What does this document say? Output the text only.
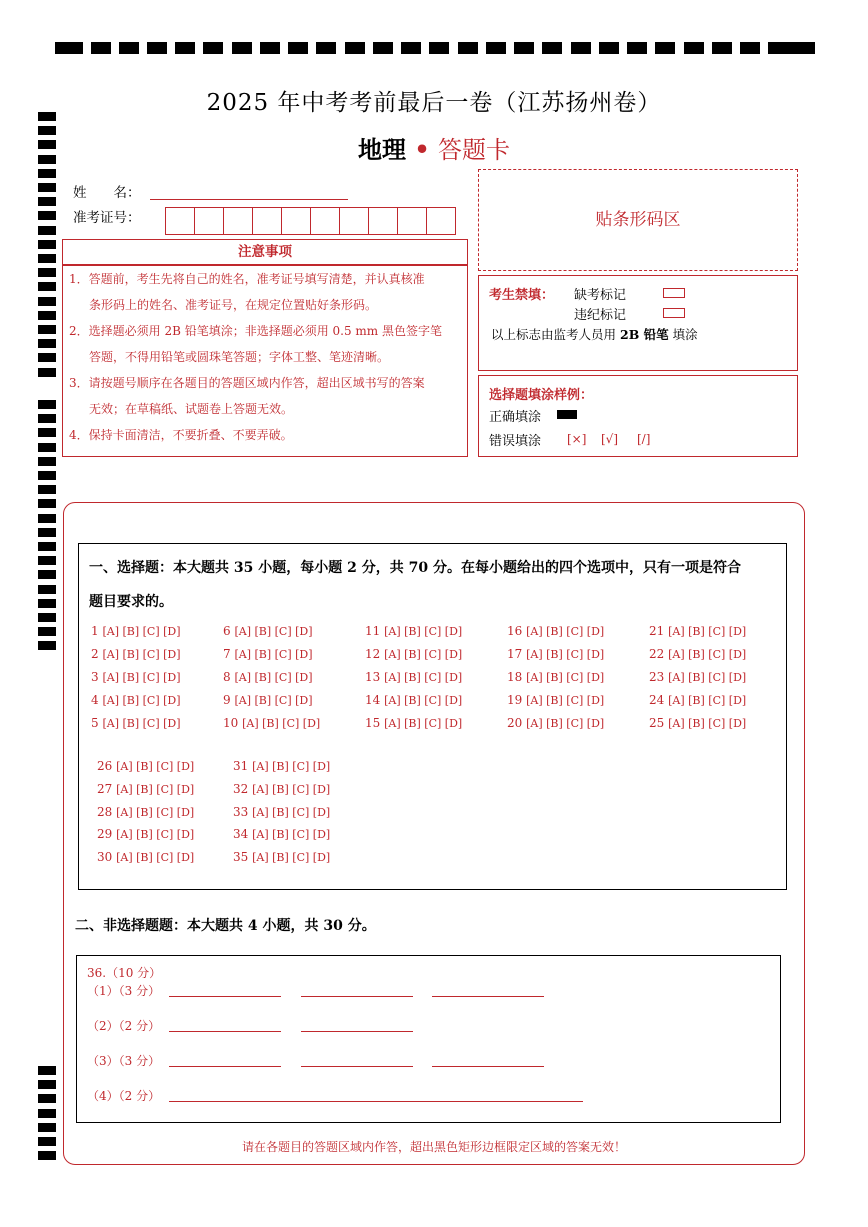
2025 年中考考前最后一卷（江苏扬州卷）
地理 • 答题卡
姓　　名：
准考证号：
注意事项

1．答题前，考生先将自己的姓名，准考证号填写清楚，并认真核准

条形码上的姓名、准考证号，在规定位置贴好条形码。

2．选择题必须用 2B 铅笔填涂；非选择题必须用 0.5 mm 黑色签字笔

答题，不得用铅笔或圆珠笔答题；字体工整、笔迹清晰。

3．请按题号顺序在各题目的答题区域内作答，超出区域书写的答案

无效；在草稿纸、试题卷上答题无效。

4．保持卡面清洁，不要折叠、不要弄破。

贴条形码区
考生禁填： 缺考标记
违纪标记
以上标志由监考人员用 2B 铅笔 填涂
选择题填涂样例：
正确填涂
错误填涂 [×] [√] [/]
一、选择题：本大题共 35 小题，每小题 2 分，共 70 分。在每小题给出的四个选项中，只有一项是符合
题目要求的。
1 [A] [B] [C] [D]
2 [A] [B] [C] [D]
3 [A] [B] [C] [D]
4 [A] [B] [C] [D]
5 [A] [B] [C] [D]
6 [A] [B] [C] [D]
7 [A] [B] [C] [D]
8 [A] [B] [C] [D]
9 [A] [B] [C] [D]
10 [A] [B] [C] [D]
11 [A] [B] [C] [D]
12 [A] [B] [C] [D]
13 [A] [B] [C] [D]
14 [A] [B] [C] [D]
15 [A] [B] [C] [D]
16 [A] [B] [C] [D]
17 [A] [B] [C] [D]
18 [A] [B] [C] [D]
19 [A] [B] [C] [D]
20 [A] [B] [C] [D]
21 [A] [B] [C] [D]
22 [A] [B] [C] [D]
23 [A] [B] [C] [D]
24 [A] [B] [C] [D]
25 [A] [B] [C] [D]
26 [A] [B] [C] [D]
27 [A] [B] [C] [D]
28 [A] [B] [C] [D]
29 [A] [B] [C] [D]
30 [A] [B] [C] [D]
31 [A] [B] [C] [D]
32 [A] [B] [C] [D]
33 [A] [B] [C] [D]
34 [A] [B] [C] [D]
35 [A] [B] [C] [D]
二、非选择题题：本大题共 4 小题，共 30 分。
36.（10 分）
（1）（3 分）
（2）（2 分）
（3）（3 分）
（4）（2 分）
请在各题目的答题区域内作答，超出黑色矩形边框限定区域的答案无效！
